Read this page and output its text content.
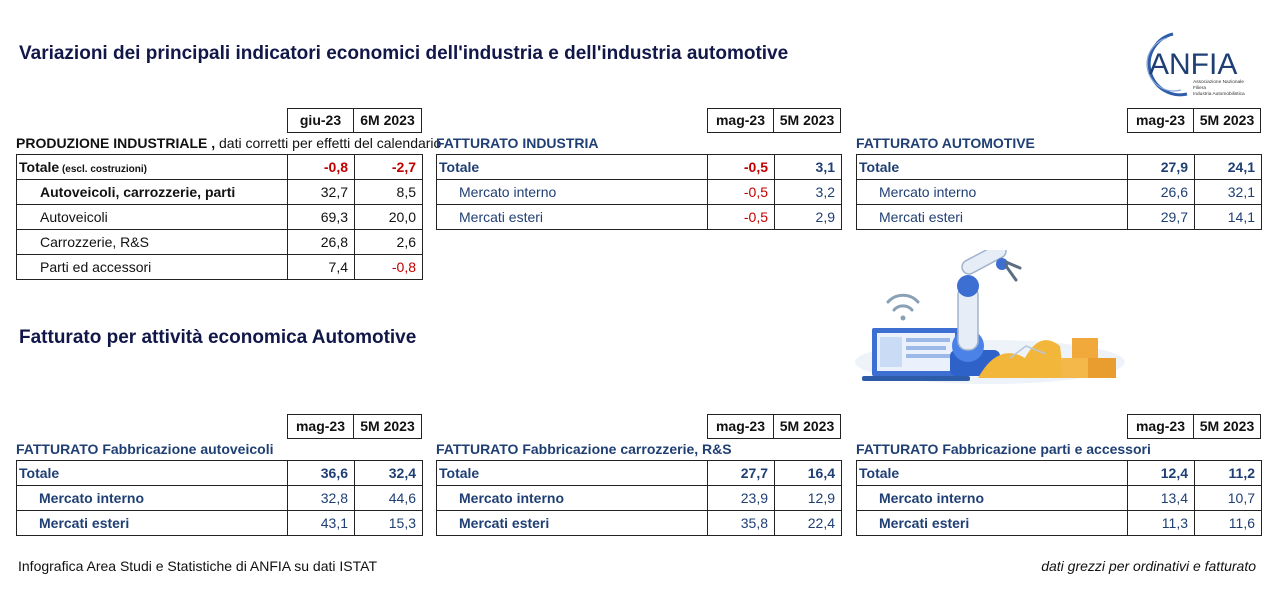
Variazioni dei principali indicatori economici dell'industria e dell'industria automotive	ANFIA
Associazione Nazionale
Filiera
Industria Automobilistica
giu-23	6M 2023
PRODUZIONE INDUSTRIALE , dati corretti per effetti del calendario
Totale (escl. costruzioni)	-0,8	-2,7
Autoveicoli, carrozzerie, parti	32,7	8,5
Autoveicoli	69,3	20,0
Carrozzerie, R&S	26,8	2,6
Parti ed accessori	7,4	-0,8
mag-23	5M 2023
FATTURATO INDUSTRIA
Totale	-0,5	3,1
Mercato interno	-0,5	3,2
Mercati esteri	-0,5	2,9
mag-23	5M 2023
FATTURATO AUTOMOTIVE
Totale	27,9	24,1
Mercato interno	26,6	32,1
Mercati esteri	29,7	14,1
Fatturato per attività economica Automotive
mag-23	5M 2023
FATTURATO Fabbricazione autoveicoli
Totale	36,6	32,4
Mercato interno	32,8	44,6
Mercati esteri	43,1	15,3
mag-23	5M 2023
FATTURATO Fabbricazione carrozzerie, R&S
Totale	27,7	16,4
Mercato interno	23,9	12,9
Mercati esteri	35,8	22,4
mag-23	5M 2023
FATTURATO Fabbricazione parti e accessori
Totale	12,4	11,2
Mercato interno	13,4	10,7
Mercati esteri	11,3	11,6
Infografica Area Studi e Statistiche di ANFIA su dati ISTAT	dati grezzi per ordinativi e fatturato
